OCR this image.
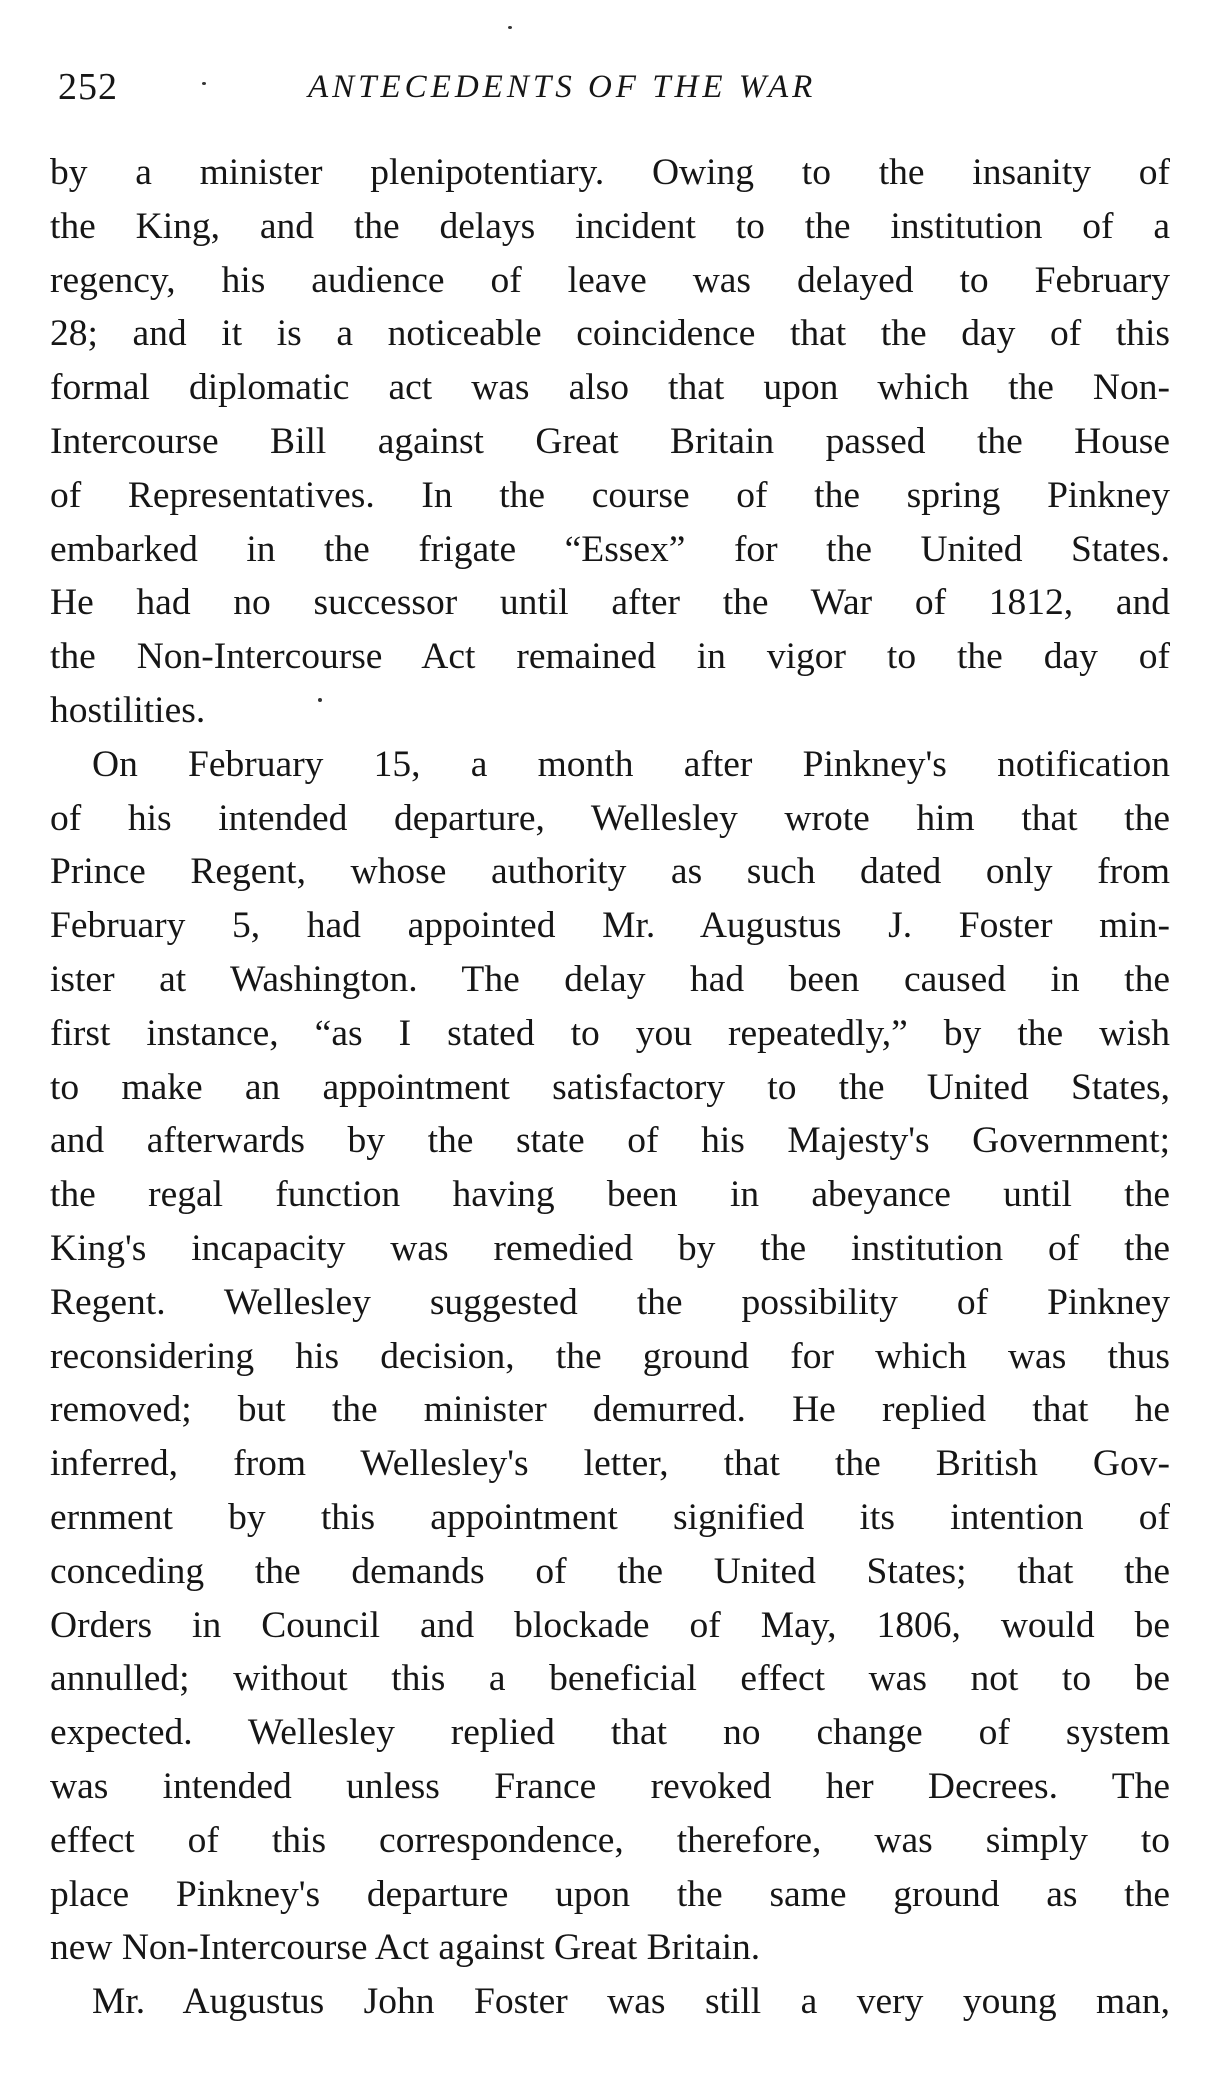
252	ANTECEDENTS OF THE WAR
by a minister plenipotentiary. Owing to the insanity of
the King, and the delays incident to the institution of a
regency, his audience of leave was delayed to February
28; and it is a noticeable coincidence that the day of this
formal diplomatic act was also that upon which the Non-
Intercourse Bill against Great Britain passed the House
of Representatives. In the course of the spring Pinkney
embarked in the frigate “Essex” for the United States.
He had no successor until after the War of 1812, and
the Non-Intercourse Act remained in vigor to the day of
hostilities.
On February 15, a month after Pinkney's notification
of his intended departure, Wellesley wrote him that the
Prince Regent, whose authority as such dated only from
February 5, had appointed Mr. Augustus J. Foster min-
ister at Washington. The delay had been caused in the
first instance, “as I stated to you repeatedly,” by the wish
to make an appointment satisfactory to the United States,
and afterwards by the state of his Majesty's Government;
the regal function having been in abeyance until the
King's incapacity was remedied by the institution of the
Regent. Wellesley suggested the possibility of Pinkney
reconsidering his decision, the ground for which was thus
removed; but the minister demurred. He replied that he
inferred, from Wellesley's letter, that the British Gov-
ernment by this appointment signified its intention of
conceding the demands of the United States; that the
Orders in Council and blockade of May, 1806, would be
annulled; without this a beneficial effect was not to be
expected. Wellesley replied that no change of system
was intended unless France revoked her Decrees. The
effect of this correspondence, therefore, was simply to
place Pinkney's departure upon the same ground as the
new Non-Intercourse Act against Great Britain.
Mr. Augustus John Foster was still a very young man,
